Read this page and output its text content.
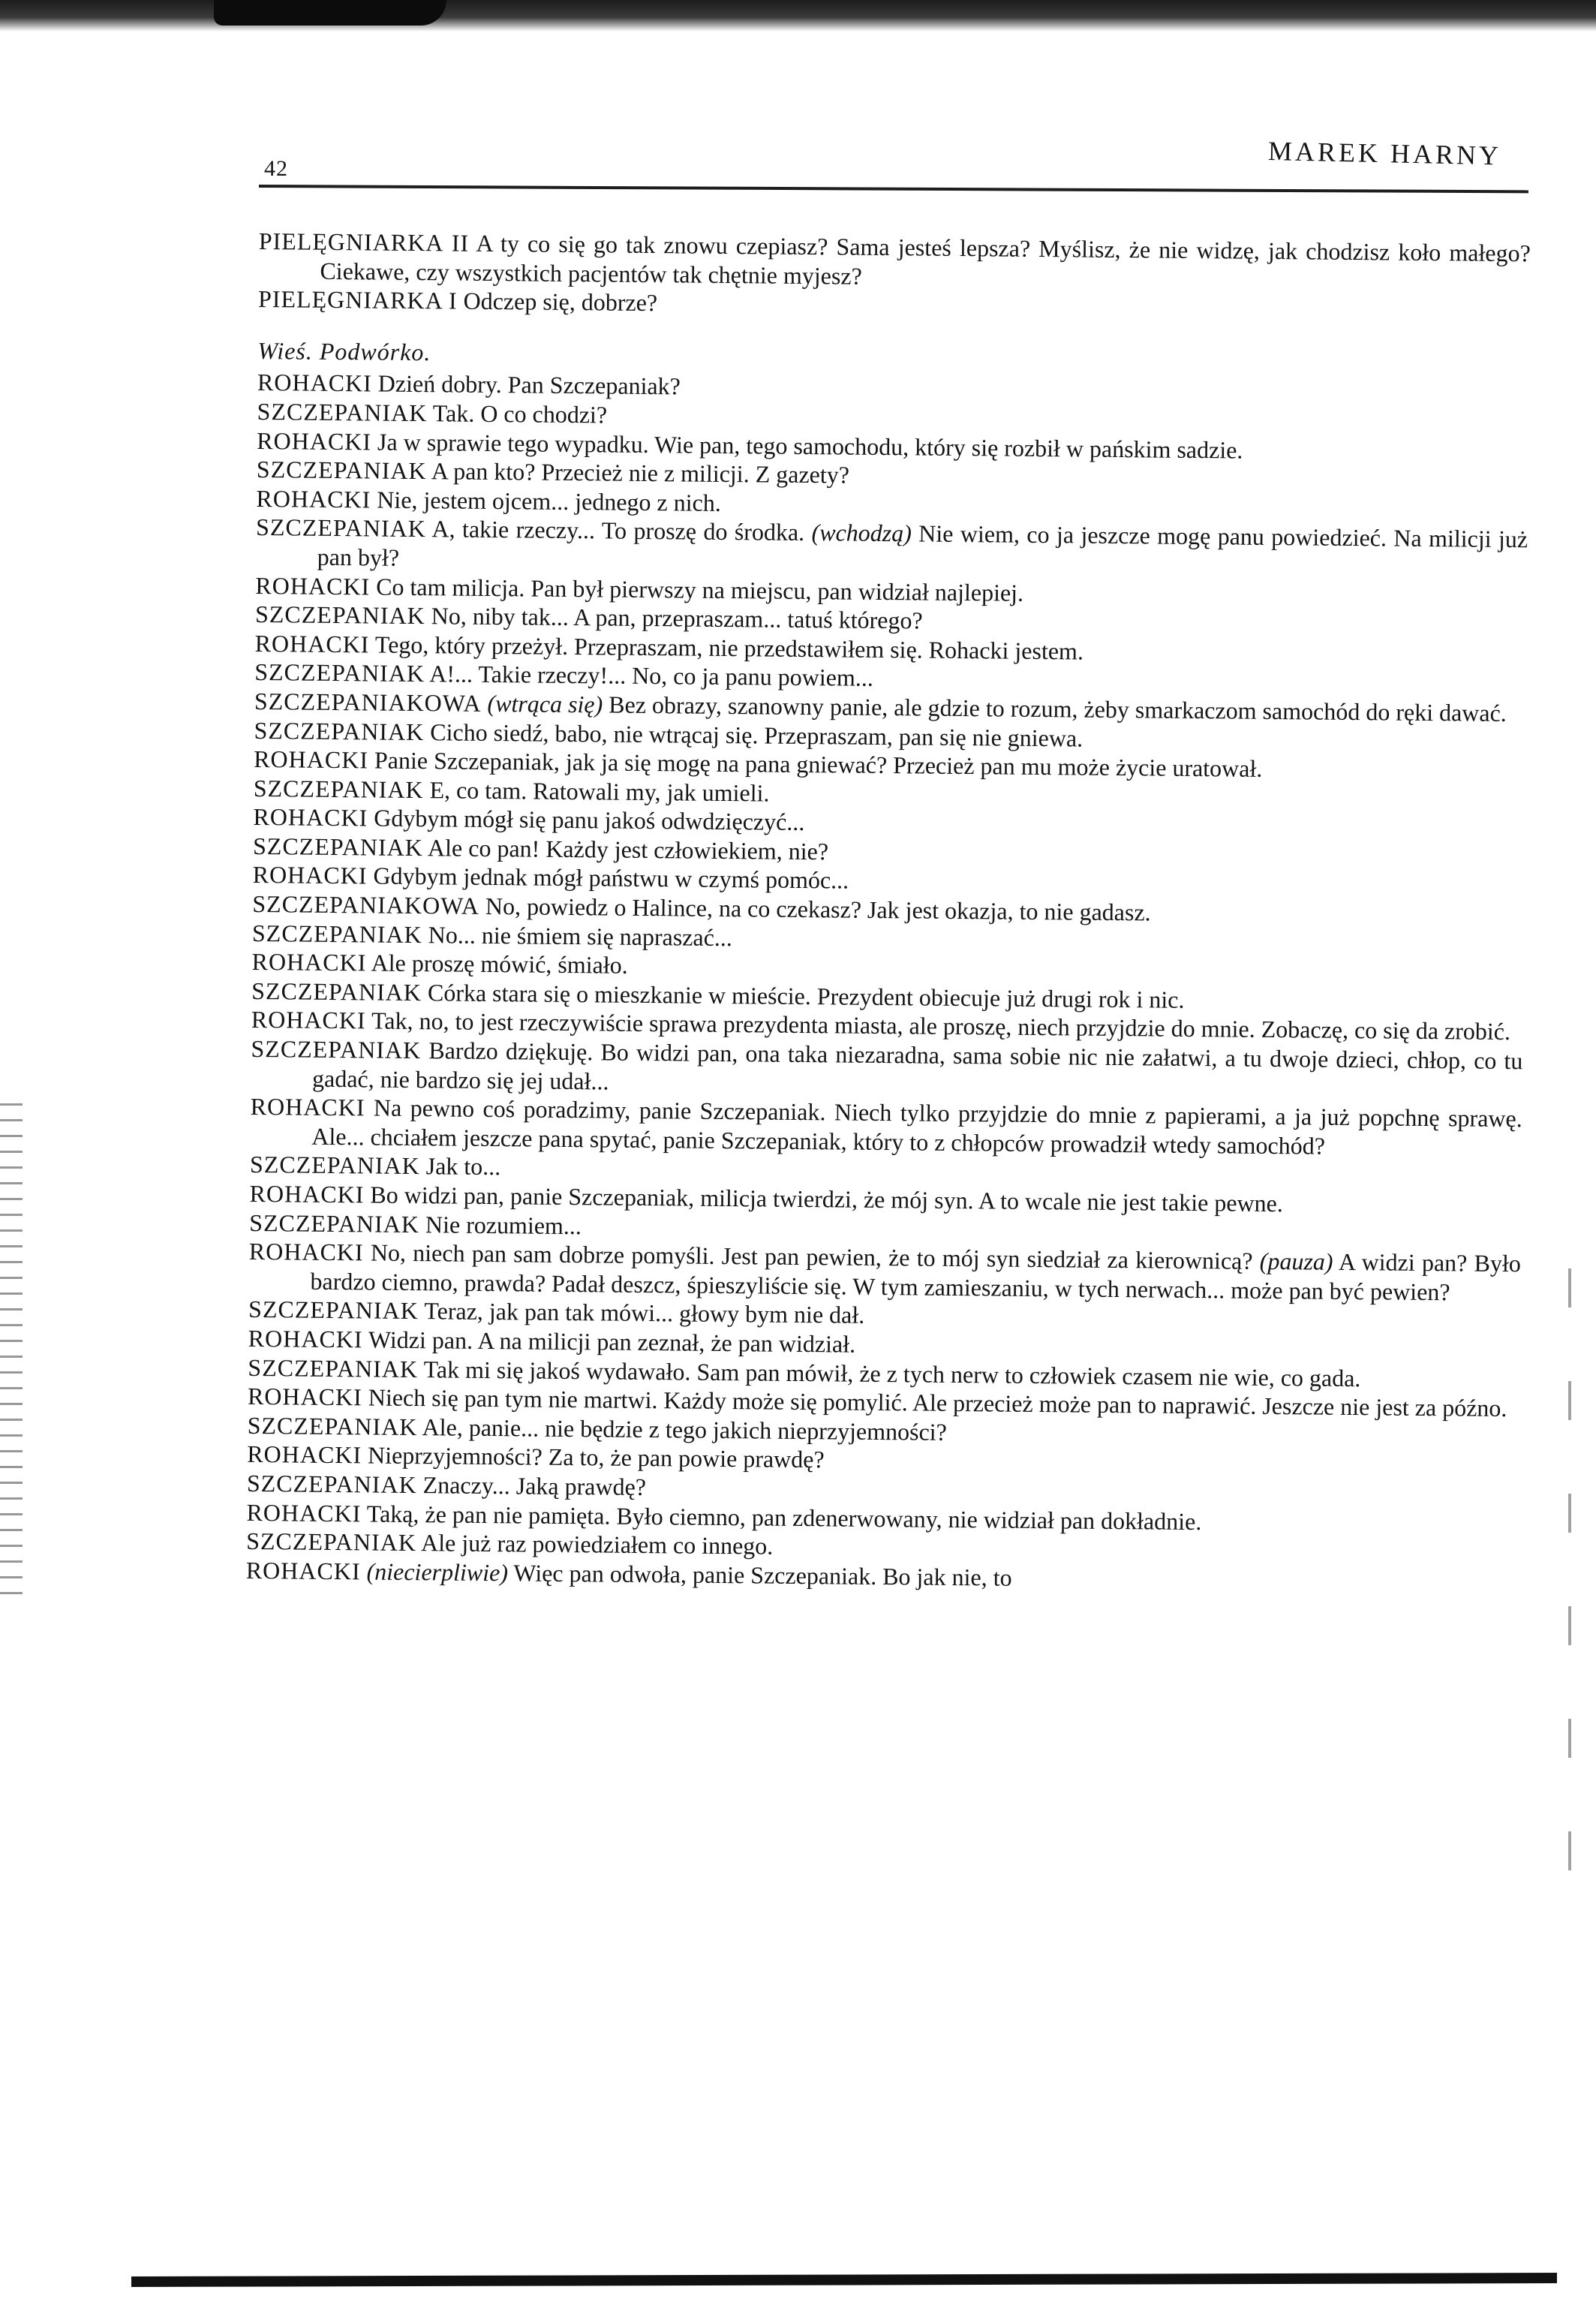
42	MAREK HARNY

PIELĘGNIARKA II A ty co się go tak znowu czepiasz? Sama jesteś lepsza? Myślisz, że nie widzę, jak chodzisz koło małego? Ciekawe, czy wszystkich pacjentów tak chętnie myjesz?

PIELĘGNIARKA I Odczep się, dobrze?

Wieś. Podwórko.

ROHACKI Dzień dobry. Pan Szczepaniak?

SZCZEPANIAK Tak. O co chodzi?

ROHACKI Ja w sprawie tego wypadku. Wie pan, tego samochodu, który się rozbił w pańskim sadzie.

SZCZEPANIAK A pan kto? Przecież nie z milicji. Z gazety?

ROHACKI Nie, jestem ojcem... jednego z nich.

SZCZEPANIAK A, takie rzeczy... To proszę do środka. (wchodzą) Nie wiem, co ja jeszcze mogę panu powiedzieć. Na milicji już pan był?

ROHACKI Co tam milicja. Pan był pierwszy na miejscu, pan widział najlepiej.

SZCZEPANIAK No, niby tak... A pan, przepraszam... tatuś którego?

ROHACKI Tego, który przeżył. Przepraszam, nie przedstawiłem się. Rohacki jestem.

SZCZEPANIAK A!... Takie rzeczy!... No, co ja panu powiem...

SZCZEPANIAKOWA (wtrąca się) Bez obrazy, szanowny panie, ale gdzie to rozum, żeby smarkaczom samochód do ręki dawać.

SZCZEPANIAK Cicho siedź, babo, nie wtrącaj się. Przepraszam, pan się nie gniewa.

ROHACKI Panie Szczepaniak, jak ja się mogę na pana gniewać? Przecież pan mu może życie uratował.

SZCZEPANIAK E, co tam. Ratowali my, jak umieli.

ROHACKI Gdybym mógł się panu jakoś odwdzięczyć...

SZCZEPANIAK Ale co pan! Każdy jest człowiekiem, nie?

ROHACKI Gdybym jednak mógł państwu w czymś pomóc...

SZCZEPANIAKOWA No, powiedz o Halince, na co czekasz? Jak jest okazja, to nie gadasz.

SZCZEPANIAK No... nie śmiem się napraszać...

ROHACKI Ale proszę mówić, śmiało.

SZCZEPANIAK Córka stara się o mieszkanie w mieście. Prezydent obiecuje już drugi rok i nic.

ROHACKI Tak, no, to jest rzeczywiście sprawa prezydenta miasta, ale proszę, niech przyjdzie do mnie. Zobaczę, co się da zrobić.

SZCZEPANIAK Bardzo dziękuję. Bo widzi pan, ona taka niezaradna, sama sobie nic nie załatwi, a tu dwoje dzieci, chłop, co tu gadać, nie bardzo się jej udał...

ROHACKI Na pewno coś poradzimy, panie Szczepaniak. Niech tylko przyjdzie do mnie z papierami, a ja już popchnę sprawę. Ale... chciałem jeszcze pana spytać, panie Szczepaniak, który to z chłopców prowadził wtedy samochód?

SZCZEPANIAK Jak to...

ROHACKI Bo widzi pan, panie Szczepaniak, milicja twierdzi, że mój syn. A to wcale nie jest takie pewne.

SZCZEPANIAK Nie rozumiem...

ROHACKI No, niech pan sam dobrze pomyśli. Jest pan pewien, że to mój syn siedział za kierownicą? (pauza) A widzi pan? Było bardzo ciemno, prawda? Padał deszcz, śpieszyliście się. W tym zamieszaniu, w tych nerwach... może pan być pewien?

SZCZEPANIAK Teraz, jak pan tak mówi... głowy bym nie dał.

ROHACKI Widzi pan. A na milicji pan zeznał, że pan widział.

SZCZEPANIAK Tak mi się jakoś wydawało. Sam pan mówił, że z tych nerw to człowiek czasem nie wie, co gada.

ROHACKI Niech się pan tym nie martwi. Każdy może się pomylić. Ale przecież może pan to naprawić. Jeszcze nie jest za późno.

SZCZEPANIAK Ale, panie... nie będzie z tego jakich nieprzyjemności?

ROHACKI Nieprzyjemności? Za to, że pan powie prawdę?

SZCZEPANIAK Znaczy... Jaką prawdę?

ROHACKI Taką, że pan nie pamięta. Było ciemno, pan zdenerwowany, nie widział pan dokładnie.

SZCZEPANIAK Ale już raz powiedziałem co innego.

ROHACKI (niecierpliwie) Więc pan odwoła, panie Szczepaniak. Bo jak nie, to
